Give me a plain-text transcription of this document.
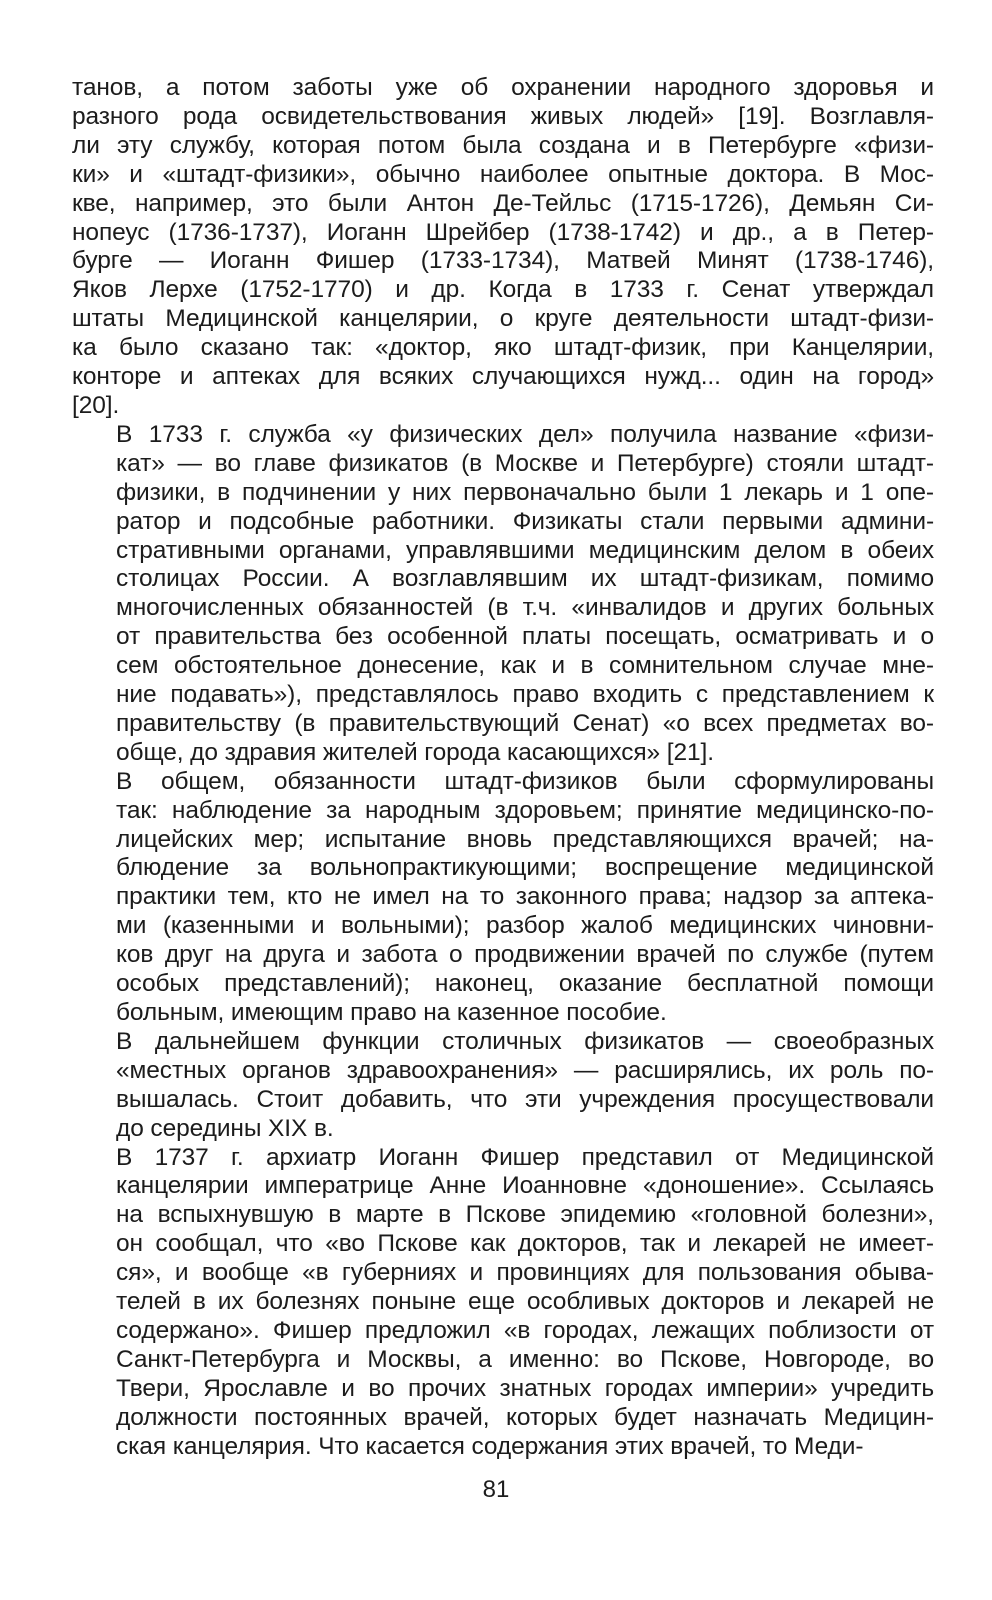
танов, а потом заботы уже об охранении народного здоровья и
разного рода освидетельствования живых людей» [19]. Возглавля-
ли эту службу, которая потом была создана и в Петербурге «физи-
ки» и «штадт-физики», обычно наиболее опытные доктора. В Мос-
кве, например, это были Антон Де-Тейльс (1715-1726), Демьян Си-
нопеус (1736-1737), Иоганн Шрейбер (1738-1742) и др., а в Петер-
бурге — Иоганн Фишер (1733-1734), Матвей Минят (1738-1746),
Яков Лерхе (1752-1770) и др. Когда в 1733 г. Сенат утверждал
штаты Медицинской канцелярии, о круге деятельности штадт-физи-
ка было сказано так: «доктор, яко штадт-физик, при Канцелярии,
конторе и аптеках для всяких случающихся нужд... один на город»
[20].
В 1733 г. служба «у физических дел» получила название «физи-
кат» — во главе физикатов (в Москве и Петербурге) стояли штадт-
физики, в подчинении у них первоначально были 1 лекарь и 1 опе-
ратор и подсобные работники. Физикаты стали первыми админи-
стративными органами, управлявшими медицинским делом в обеих
столицах России. А возглавлявшим их штадт-физикам, помимо
многочисленных обязанностей (в т.ч. «инвалидов и других больных
от правительства без особенной платы посещать, осматривать и о
сем обстоятельное донесение, как и в сомнительном случае мне-
ние подавать»), представлялось право входить с представлением к
правительству (в правительствующий Сенат) «о всех предметах во-
обще, до здравия жителей города касающихся» [21].
В общем, обязанности штадт-физиков были сформулированы
так: наблюдение за народным здоровьем; принятие медицинско-по-
лицейских мер; испытание вновь представляющихся врачей; на-
блюдение за вольнопрактикующими; воспрещение медицинской
практики тем, кто не имел на то законного права; надзор за аптека-
ми (казенными и вольными); разбор жалоб медицинских чиновни-
ков друг на друга и забота о продвижении врачей по службе (путем
особых представлений); наконец, оказание бесплатной помощи
больным, имеющим право на казенное пособие.
В дальнейшем функции столичных физикатов — своеобразных
«местных органов здравоохранения» — расширялись, их роль по-
вышалась. Стоит добавить, что эти учреждения просуществовали
до середины XIX в.
В 1737 г. архиатр Иоганн Фишер представил от Медицинской
канцелярии императрице Анне Иоанновне «доношение». Ссылаясь
на вспыхнувшую в марте в Пскове эпидемию «головной болезни»,
он сообщал, что «во Пскове как докторов, так и лекарей не имеет-
ся», и вообще «в губерниях и провинциях для пользования обыва-
телей в их болезнях поныне еще особливых докторов и лекарей не
содержано». Фишер предложил «в городах, лежащих поблизости от
Санкт-Петербурга и Москвы, а именно: во Пскове, Новгороде, во
Твери, Ярославле и во прочих знатных городах империи» учредить
должности постоянных врачей, которых будет назначать Медицин-
ская канцелярия. Что касается содержания этих врачей, то Меди-
81
